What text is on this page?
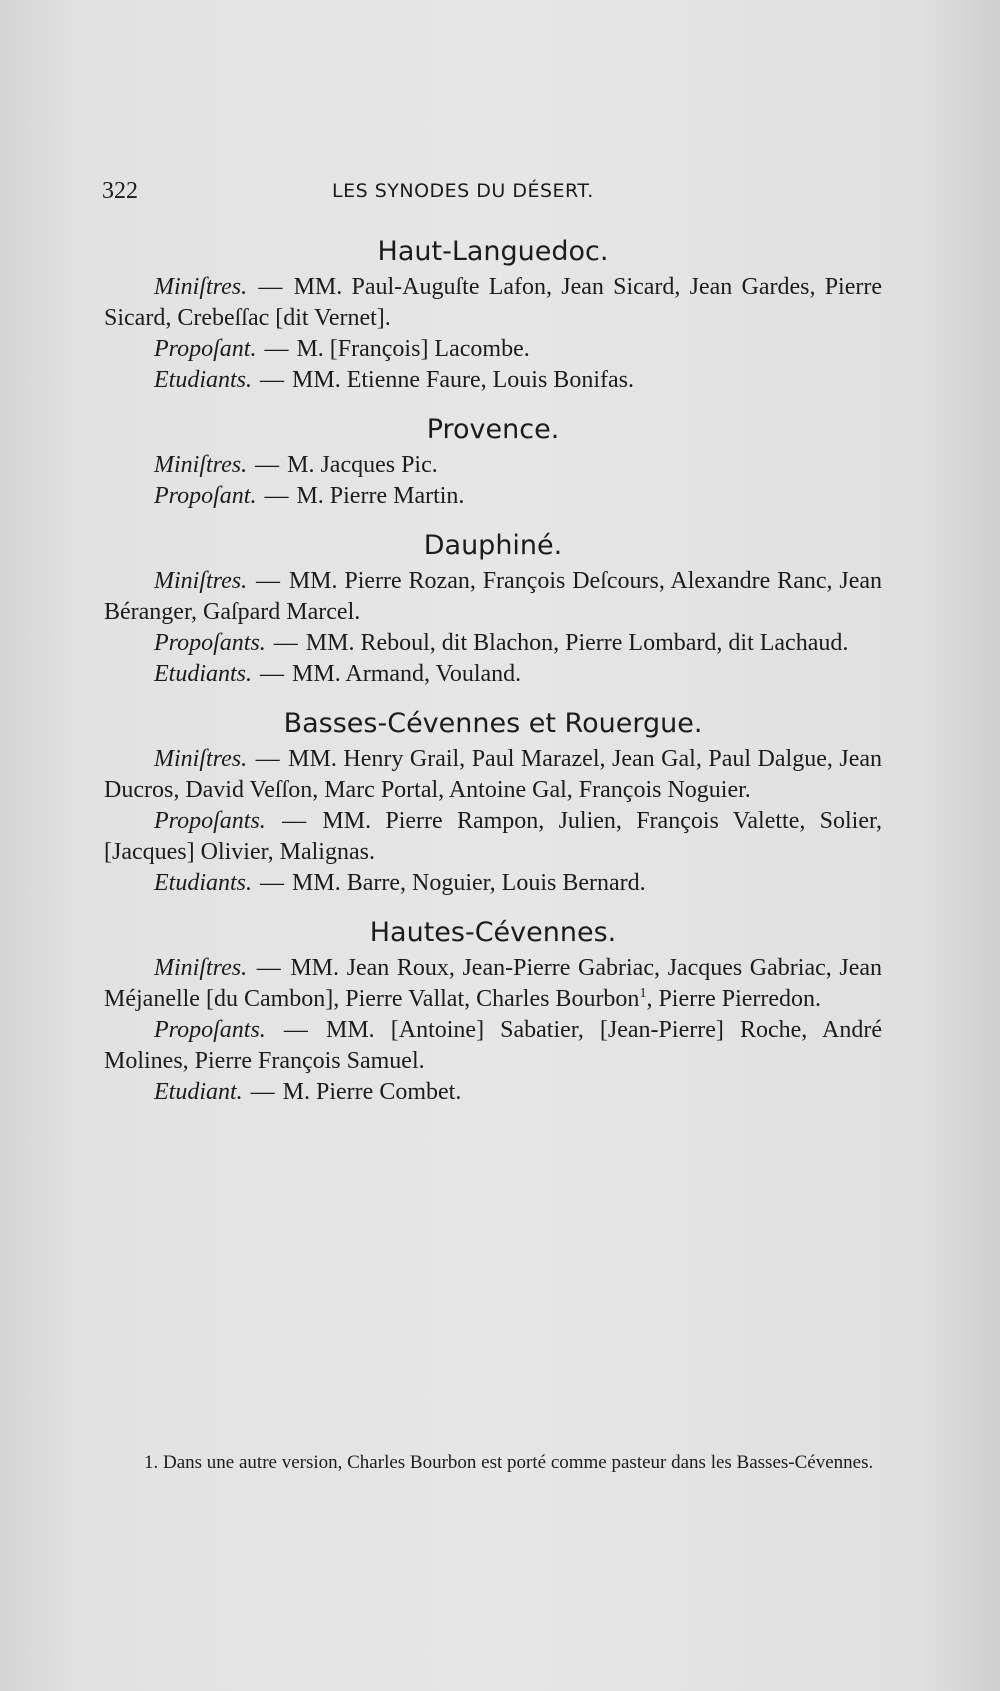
322	LES SYNODES DU DÉSERT.
Haut-Languedoc.

Miniſtres. — MM. Paul-Auguſte Lafon, Jean Sicard, Jean Gardes, Pierre Sicard, Crebeſſac [dit Vernet].

Propoſant. — M. [François] Lacombe.

Etudiants. — MM. Etienne Faure, Louis Bonifas.

Provence.

Miniſtres. — M. Jacques Pic.

Propoſant. — M. Pierre Martin.

Dauphiné.

Miniſtres. — MM. Pierre Rozan, François Deſcours, Alexandre Ranc, Jean Béranger, Gaſpard Marcel.

Propoſants. — MM. Reboul, dit Blachon, Pierre Lombard, dit Lachaud.

Etudiants. — MM. Armand, Vouland.

Basses-Cévennes et Rouergue.

Miniſtres. — MM. Henry Grail, Paul Marazel, Jean Gal, Paul Dalgue, Jean Ducros, David Veſſon, Marc Portal, Antoine Gal, François Noguier.

Propoſants. — MM. Pierre Rampon, Julien, François Valette, Solier, [Jacques] Olivier, Malignas.

Etudiants. — MM. Barre, Noguier, Louis Bernard.

Hautes-Cévennes.

Miniſtres. — MM. Jean Roux, Jean-Pierre Gabriac, Jacques Gabriac, Jean Méjanelle [du Cambon], Pierre Vallat, Charles Bourbon$^1$, Pierre Pierredon.

Propoſants. — MM. [Antoine] Sabatier, [Jean-Pierre] Roche, André Molines, Pierre François Samuel.

Etudiant. — M. Pierre Combet.

1. Dans une autre version, Charles Bourbon est porté comme pasteur dans les Basses-Cévennes.
